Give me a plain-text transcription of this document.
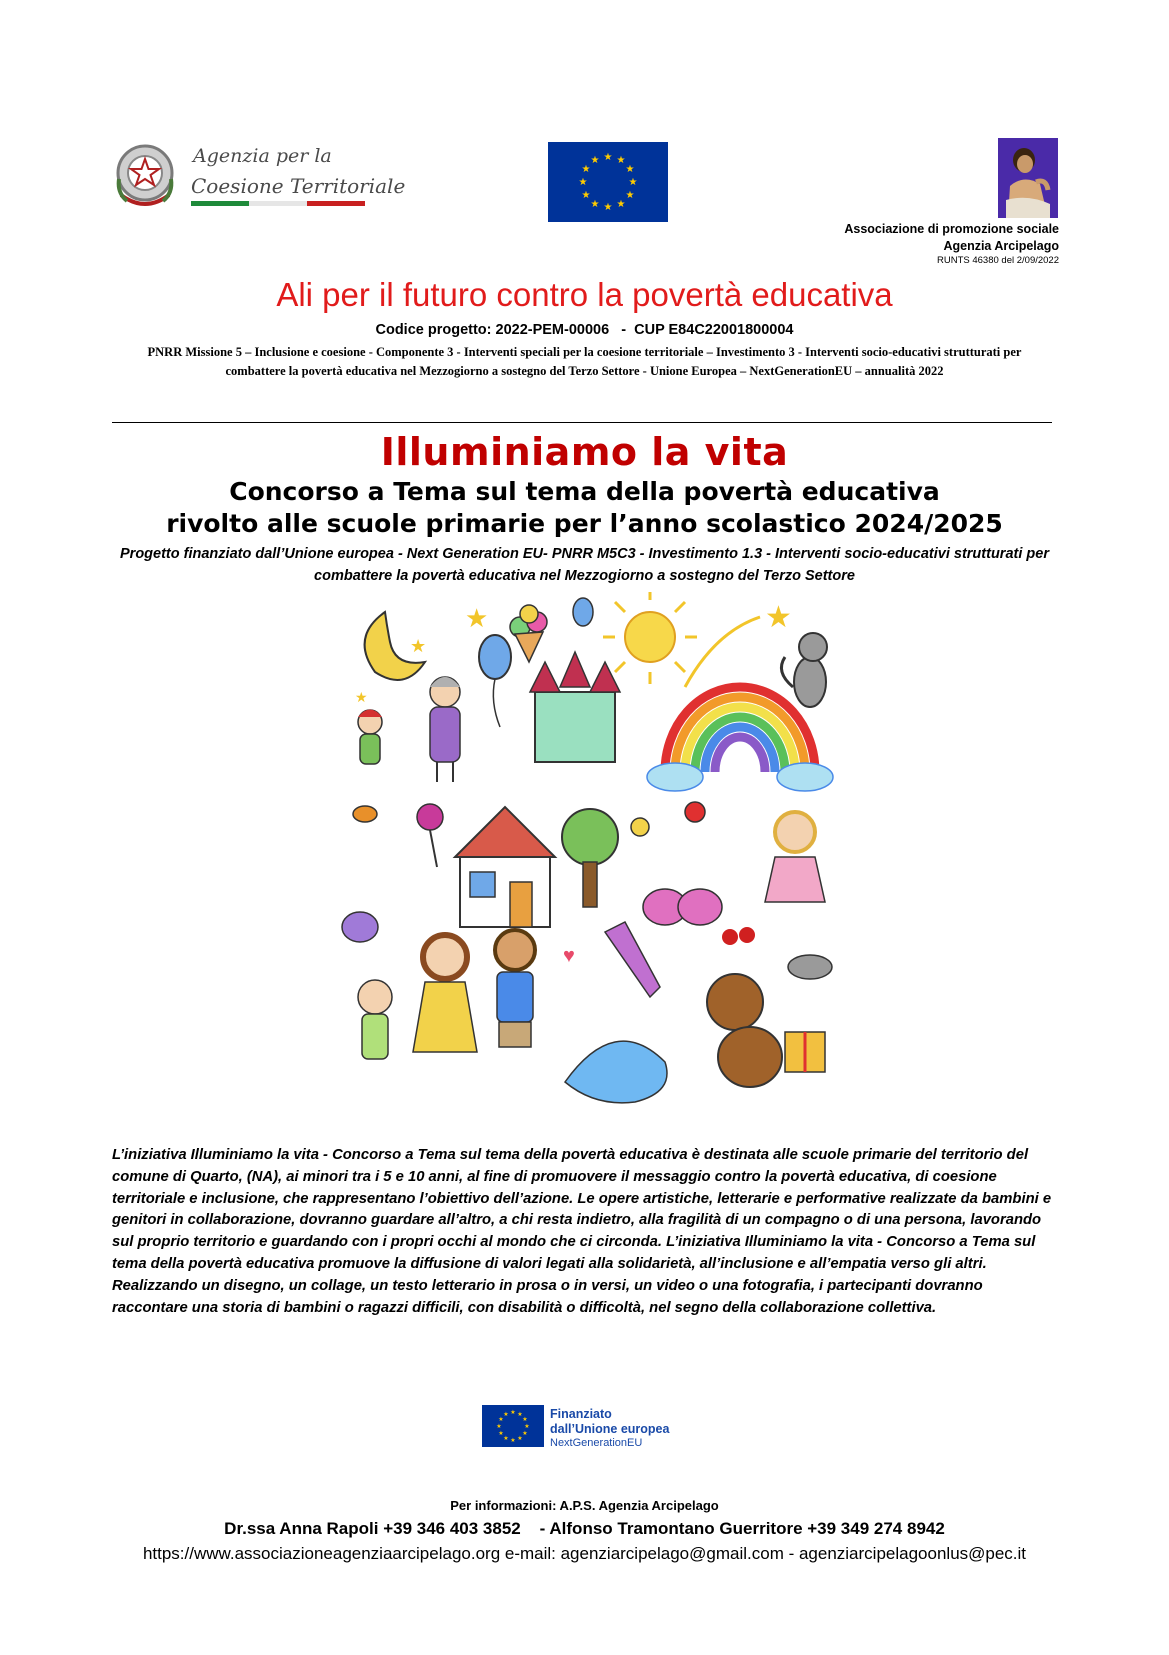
Agenzia per la
Coesione Territoriale
★ ★
★
★
★
★
★
★
★
★
★
★
Associazione di promozione sociale
Agenzia Arcipelago
RUNTS 46380 del 2/09/2022
Ali per il futuro contro la povertà educativa
Codice progetto: 2022-PEM-00006   -  CUP E84C22001800004
PNRR Missione 5 – Inclusione e coesione - Componente 3 - Interventi speciali per la coesione territoriale – Investimento 3 - Interventi socio-educativi strutturati per combattere la povertà educativa nel Mezzogiorno a sostegno del Terzo Settore - Unione Europea – NextGenerationEU – annualità 2022
Illuminiamo la vita
Concorso a Tema sul tema della povertà educativa
rivolto alle scuole primarie per l’anno scolastico 2024/2025
Progetto finanziato dall’Unione europea - Next Generation EU- PNRR M5C3 - Investimento 1.3 - Interventi socio-educativi strutturati per combattere la povertà educativa nel Mezzogiorno a sostegno del Terzo Settore
★
★
★
★
♥
L’iniziativa Illuminiamo la vita - Concorso a Tema sul tema della povertà educativa è destinata alle scuole primarie del territorio del comune di Quarto, (NA), ai minori tra i 5 e 10 anni, al fine di promuovere il messaggio contro la povertà educativa, di coesione territoriale e inclusione, che rappresentano l’obiettivo dell’azione. Le opere artistiche, letterarie e performative realizzate da bambini e genitori in collaborazione, dovranno guardare all’altro, a chi resta indietro, alla fragilità di un compagno o di una persona, lavorando sul proprio territorio e guardando con i propri occhi al mondo che ci circonda. L’iniziativa Illuminiamo la vita - Concorso a Tema sul tema della povertà educativa promuove la diffusione di valori legati alla solidarietà, all’inclusione e all’empatia verso gli altri. Realizzando un disegno, un collage, un testo letterario in prosa o in versi, un video o una fotografia, i partecipanti dovranno raccontare una storia di bambini o ragazzi difficili, con disabilità o difficoltà, nel segno della collaborazione collettiva.
★ ★
★
★
★
★
★
★
★
★
★
★	Finanziato
dall’Unione europea
NextGenerationEU
Per informazioni: A.P.S. Agenzia Arcipelago
Dr.ssa Anna Rapoli +39 346 403 3852    - Alfonso Tramontano Guerritore +39 349 274 8942
https://www.associazioneagenziaarcipelago.org e-mail: agenziarcipelago@gmail.com - agenziarcipelagoonlus@pec.it
